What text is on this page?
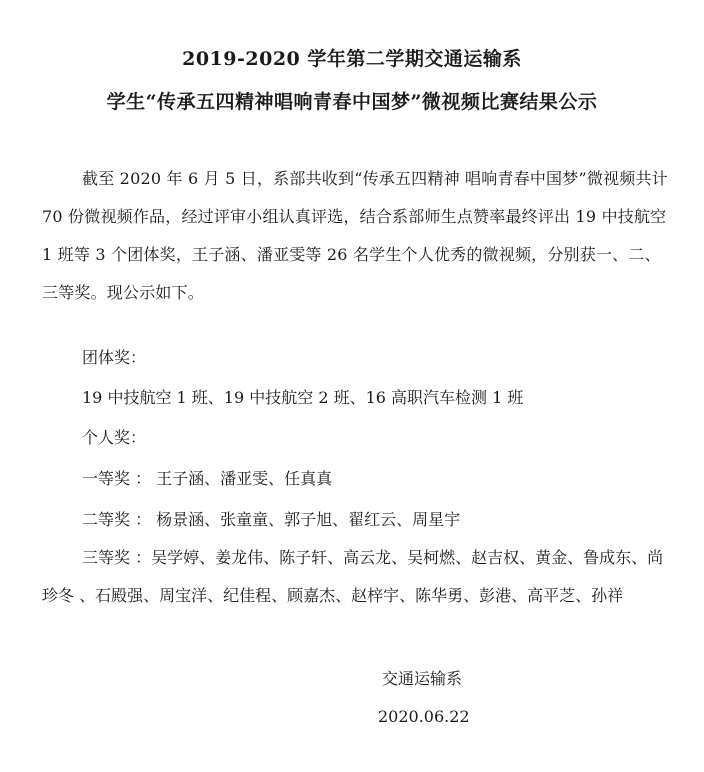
2019-2020 学年第二学期交通运输系
学生“传承五四精神唱响青春中国梦”微视频比赛结果公示
截至 2020 年 6 月 5 日，系部共收到“传承五四精神 唱响青春中国梦”微视频共计 70 份微视频作品，经过评审小组认真评选，结合系部师生点赞率最终评出 19 中技航空 1 班等 3 个团体奖，王子涵、潘亚雯等 26 名学生个人优秀的微视频，分别获一、二、三等奖。现公示如下。
团体奖：
19 中技航空 1 班、19 中技航空 2 班、16 高职汽车检测 1 班
个人奖：
一等奖 ： 王子涵、潘亚雯、任真真
二等奖 ： 杨景涵、张童童、郭子旭、翟红云、周星宇
三等奖 ：吴学婷、姜龙伟、陈子轩、高云龙、吴柯燃、赵吉权、黄金、鲁成东、尚珍冬 、石殿强、周宝洋、纪佳程、顾嘉杰、赵梓宇、陈华勇、彭港、高平芝、孙祥
交通运输系
2020.06.22
